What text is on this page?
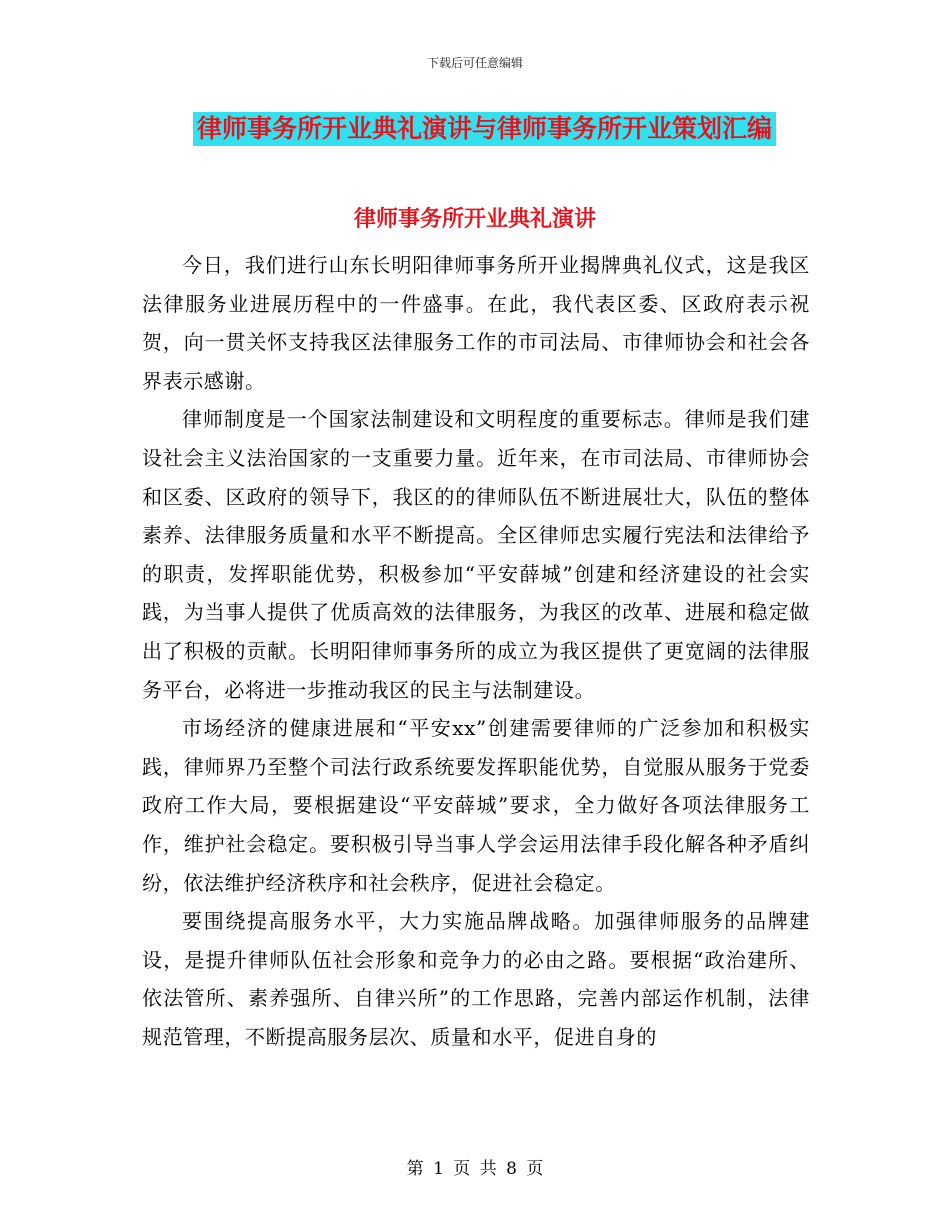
下载后可任意编辑
律师事务所开业典礼演讲与律师事务所开业策划汇编
律师事务所开业典礼演讲

今日，我们进行山东长明阳律师事务所开业揭牌典礼仪式，这是我区法律服务业进展历程中的一件盛事。在此，我代表区委、区政府表示祝贺，向一贯关怀支持我区法律服务工作的市司法局、市律师协会和社会各界表示感谢。

律师制度是一个国家法制建设和文明程度的重要标志。律师是我们建设社会主义法治国家的一支重要力量。近年来，在市司法局、市律师协会和区委、区政府的领导下，我区的的律师队伍不断进展壮大，队伍的整体素养、法律服务质量和水平不断提高。全区律师忠实履行宪法和法律给予的职责，发挥职能优势，积极参加“平安薛城”创建和经济建设的社会实践，为当事人提供了优质高效的法律服务，为我区的改革、进展和稳定做出了积极的贡献。长明阳律师事务所的成立为我区提供了更宽阔的法律服务平台，必将进一步推动我区的民主与法制建设。

市场经济的健康进展和“平安xx”创建需要律师的广泛参加和积极实践，律师界乃至整个司法行政系统要发挥职能优势，自觉服从服务于党委政府工作大局，要根据建设“平安薛城”要求，全力做好各项法律服务工作，维护社会稳定。要积极引导当事人学会运用法律手段化解各种矛盾纠纷，依法维护经济秩序和社会秩序，促进社会稳定。

要围绕提高服务水平，大力实施品牌战略。加强律师服务的品牌建设，是提升律师队伍社会形象和竞争力的必由之路。要根据“政治建所、依法管所、素养强所、自律兴所”的工作思路，完善内部运作机制，法律规范管理，不断提高服务层次、质量和水平，促进自身的

第 1 页 共 8 页
